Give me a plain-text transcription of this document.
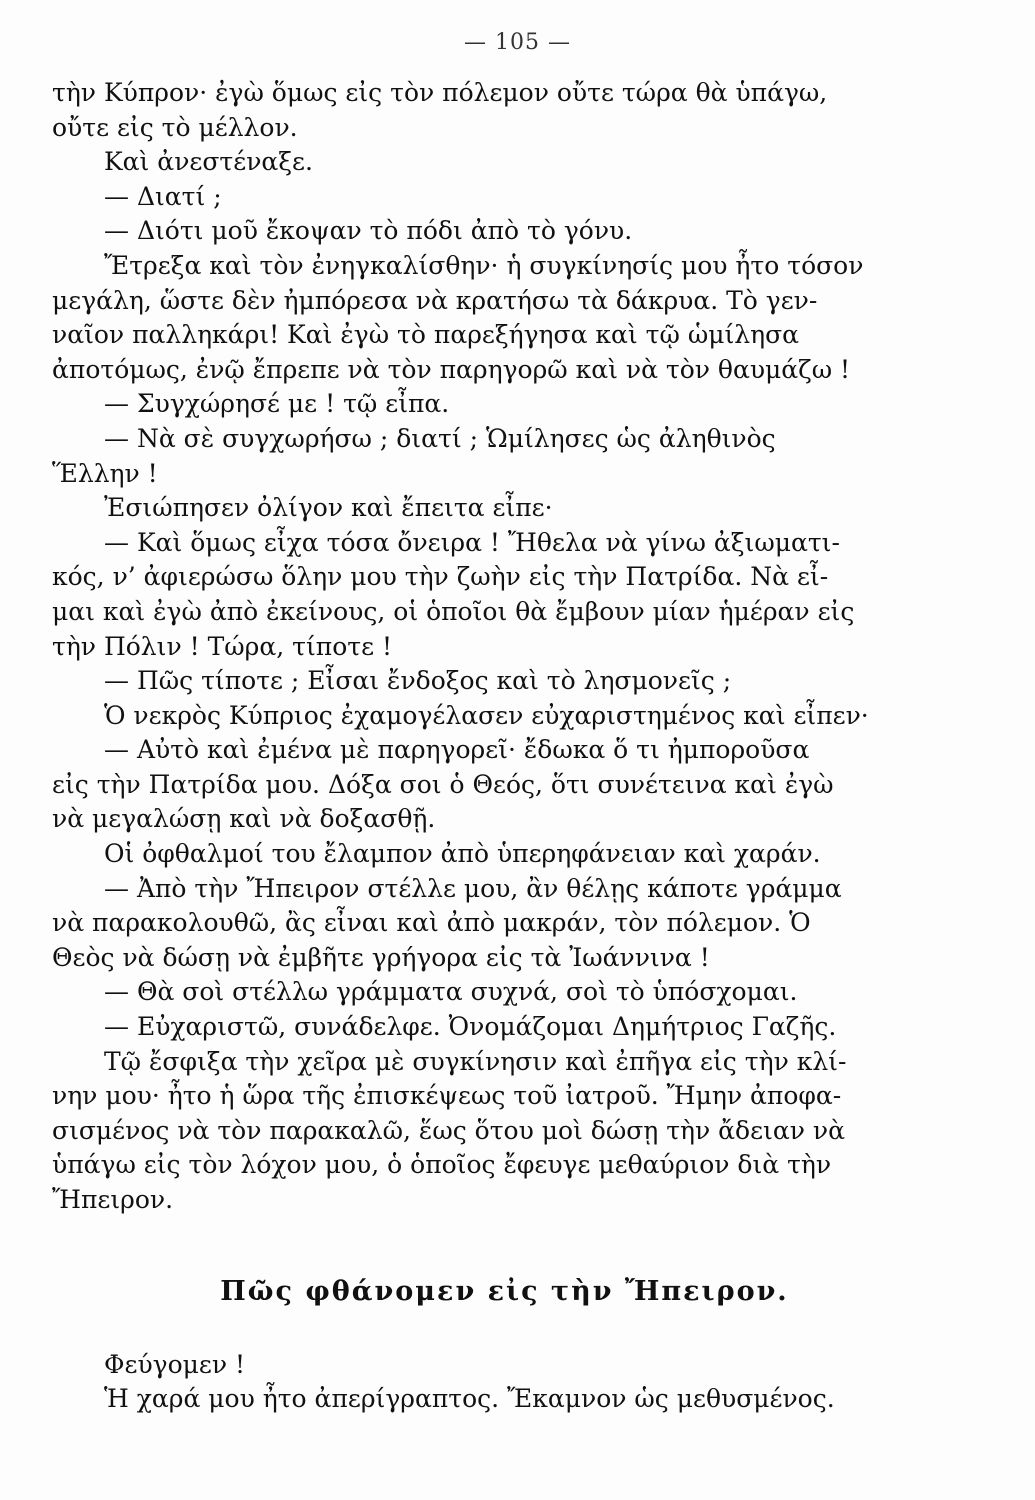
— 105 —
τὴν Κύπρον· ἐγὼ ὅμως εἰς τὸν πόλεμον οὔτε τώρα θὰ ὑπάγω,
οὔτε εἰς τὸ μέλλον.
Καὶ ἀνεστέναξε.
— Διατί ;
— Διότι μοῦ ἔκοψαν τὸ πόδι ἀπὸ τὸ γόνυ.
Ἔτρεξα καὶ τὸν ἐνηγκαλίσθην· ἡ συγκίνησίς μου ἦτο τόσον
μεγάλη, ὥστε δὲν ἠμπόρεσα νὰ κρατήσω τὰ δάκρυα. Τὸ γεν-
ναῖον παλληκάρι! Καὶ ἐγὼ τὸ παρεξήγησα καὶ τῷ ὡμίλησα
ἀποτόμως, ἐνῷ ἔπρεπε νὰ τὸν παρηγορῶ καὶ νὰ τὸν θαυμάζω !
— Συγχώρησέ με ! τῷ εἶπα.
— Νὰ σὲ συγχωρήσω ; διατί ; Ὡμίλησες ὡς ἀληθινὸς
Ἕλλην !
Ἐσιώπησεν ὀλίγον καὶ ἔπειτα εἶπε·
— Καὶ ὅμως εἶχα τόσα ὄνειρα ! Ἤθελα νὰ γίνω ἀξιωματι-
κός, ν’ ἀφιερώσω ὅλην μου τὴν ζωὴν εἰς τὴν Πατρίδα. Νὰ εἶ-
μαι καὶ ἐγὼ ἀπὸ ἐκείνους, οἱ ὁποῖοι θὰ ἔμβουν μίαν ἡμέραν εἰς
τὴν Πόλιν ! Τώρα, τίποτε !
— Πῶς τίποτε ; Εἶσαι ἔνδοξος καὶ τὸ λησμονεῖς ;
Ὁ νεκρὸς Κύπριος ἐχαμογέλασεν εὐχαριστημένος καὶ εἶπεν·
— Αὐτὸ καὶ ἐμένα μὲ παρηγορεῖ· ἔδωκα ὅ τι ἠμποροῦσα
εἰς τὴν Πατρίδα μου. Δόξα σοι ὁ Θεός, ὅτι συνέτεινα καὶ ἐγὼ
νὰ μεγαλώσῃ καὶ νὰ δοξασθῇ.
Οἱ ὀφθαλμοί του ἔλαμπον ἀπὸ ὑπερηφάνειαν καὶ χαράν.
— Ἀπὸ τὴν Ἤπειρον στέλλε μου, ἂν θέλῃς κάποτε γράμμα
νὰ παρακολουθῶ, ἂς εἶναι καὶ ἀπὸ μακράν, τὸν πόλεμον. Ὁ
Θεὸς νὰ δώσῃ νὰ ἐμβῆτε γρήγορα εἰς τὰ Ἰωάννινα !
— Θὰ σοὶ στέλλω γράμματα συχνά, σοὶ τὸ ὑπόσχομαι.
— Εὐχαριστῶ, συνάδελφε. Ὀνομάζομαι Δημήτριος Γαζῆς.
Τῷ ἔσφιξα τὴν χεῖρα μὲ συγκίνησιν καὶ ἐπῆγα εἰς τὴν κλί-
νην μου· ἦτο ἡ ὥρα τῆς ἐπισκέψεως τοῦ ἰατροῦ. Ἤμην ἀποφα-
σισμένος νὰ τὸν παρακαλῶ, ἕως ὅτου μοὶ δώσῃ τὴν ἄδειαν νὰ
ὑπάγω εἰς τὸν λόχον μου, ὁ ὁποῖος ἔφευγε μεθαύριον διὰ τὴν
Ἤπειρον.
Πῶς φθάνομεν εἰς τὴν Ἤπειρον.
Φεύγομεν !
Ἡ χαρά μου ἦτο ἀπερίγραπτος. Ἔκαμνον ὡς μεθυσμένος.
